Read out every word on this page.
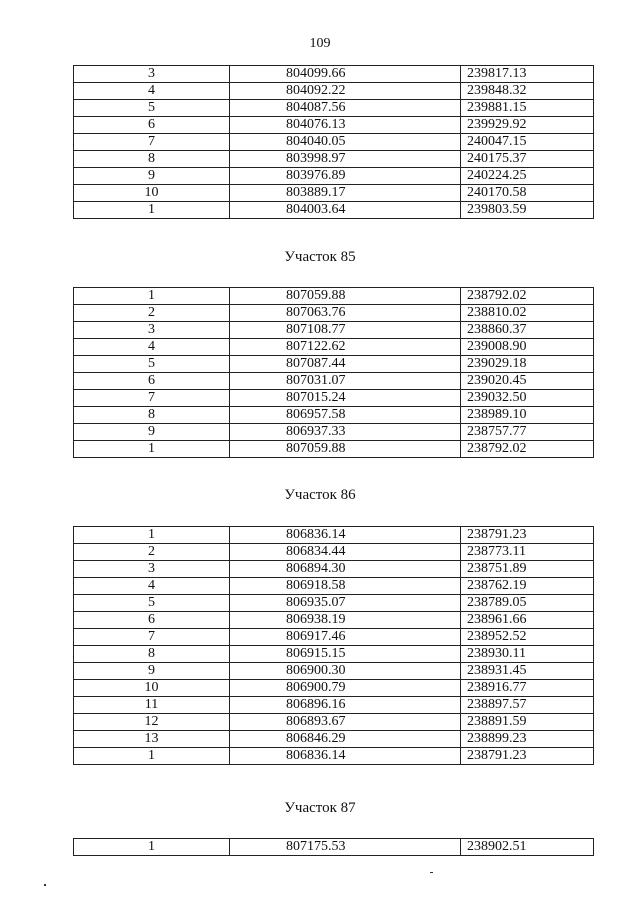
109
3	804099.66	239817.13
4	804092.22	239848.32
5	804087.56	239881.15
6	804076.13	239929.92
7	804040.05	240047.15
8	803998.97	240175.37
9	803976.89	240224.25
10	803889.17	240170.58
1	804003.64	239803.59
Участок 85
1	807059.88	238792.02
2	807063.76	238810.02
3	807108.77	238860.37
4	807122.62	239008.90
5	807087.44	239029.18
6	807031.07	239020.45
7	807015.24	239032.50
8	806957.58	238989.10
9	806937.33	238757.77
1	807059.88	238792.02
Участок 86
1	806836.14	238791.23
2	806834.44	238773.11
3	806894.30	238751.89
4	806918.58	238762.19
5	806935.07	238789.05
6	806938.19	238961.66
7	806917.46	238952.52
8	806915.15	238930.11
9	806900.30	238931.45
10	806900.79	238916.77
11	806896.16	238897.57
12	806893.67	238891.59
13	806846.29	238899.23
1	806836.14	238791.23
Участок 87
1	807175.53	238902.51
